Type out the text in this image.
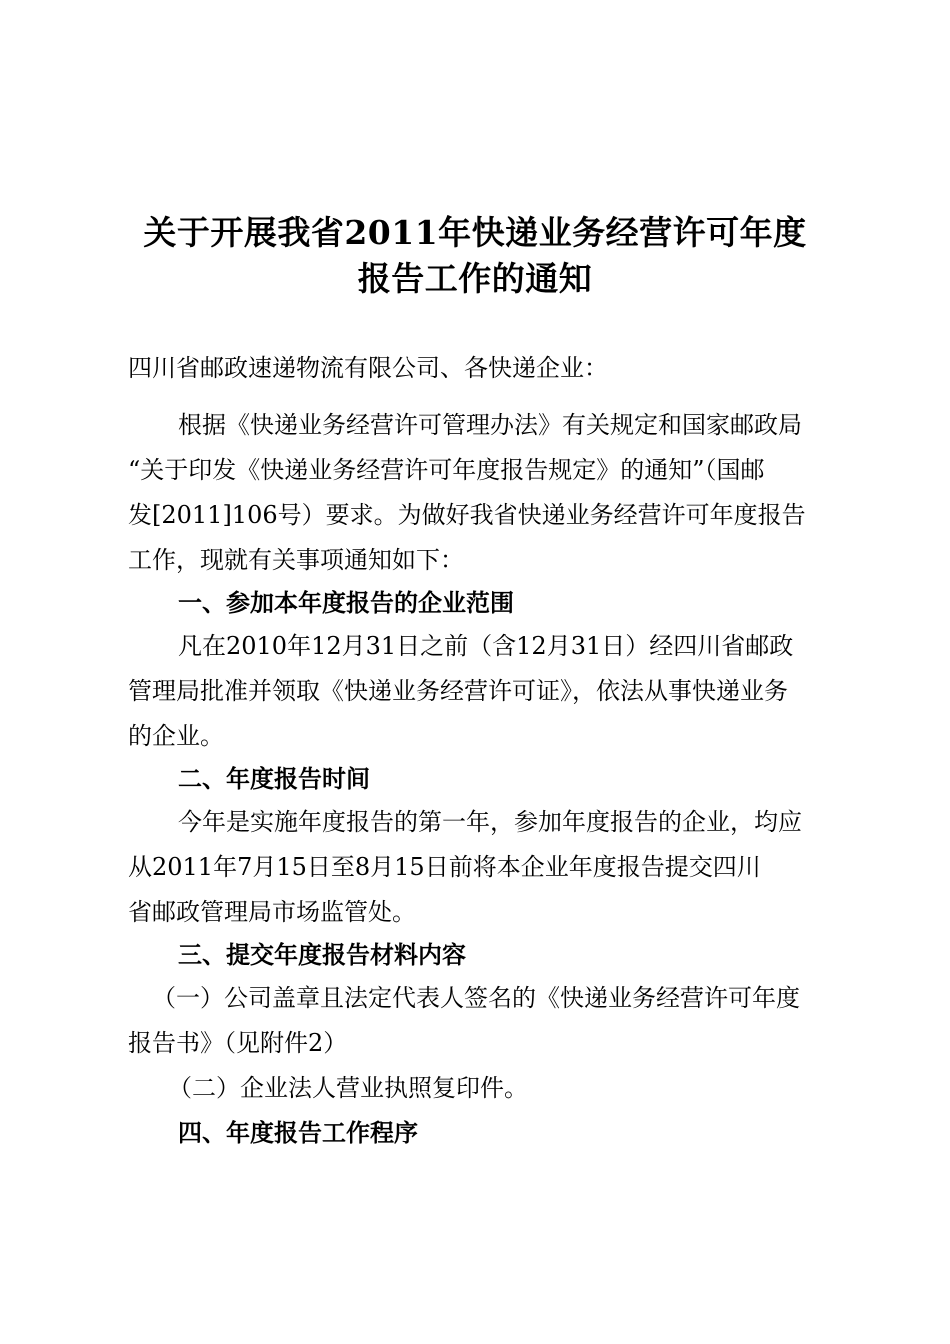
关于开展我省2011年快递业务经营许可年度
报告工作的通知
四川省邮政速递物流有限公司、各快递企业：
根据《快递业务经营许可管理办法》有关规定和国家邮政局
“关于印发《快递业务经营许可年度报告规定》的通知”（国邮
发[2011]106号）要求。为做好我省快递业务经营许可年度报告
工作，现就有关事项通知如下：
一、参加本年度报告的企业范围
凡在2010年12月31日之前（含12月31日）经四川省邮政
管理局批准并领取《快递业务经营许可证》，依法从事快递业务
的企业。
二、年度报告时间
今年是实施年度报告的第一年，参加年度报告的企业，均应
从2011年7月15日至8月15日前将本企业年度报告提交四川
省邮政管理局市场监管处。
三、提交年度报告材料内容
（一）公司盖章且法定代表人签名的《快递业务经营许可年度
报告书》（见附件2）
（二）企业法人营业执照复印件。
四、年度报告工作程序
